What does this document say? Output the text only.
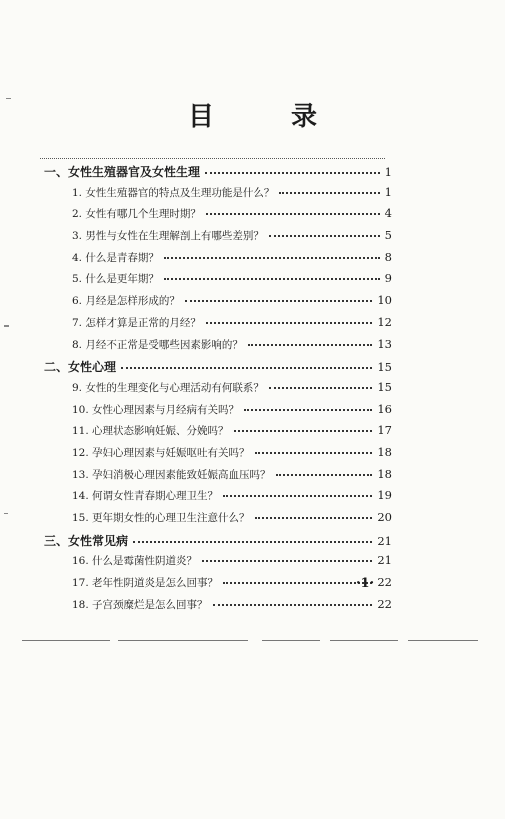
目 录
一、女性生殖器官及女性生理	1
1. 女性生殖器官的特点及生理功能是什么？	1
2. 女性有哪几个生理时期？	4
3. 男性与女性在生理解剖上有哪些差别？	5
4. 什么是青春期？	8
5. 什么是更年期？	9
6. 月经是怎样形成的？	10
7. 怎样才算是正常的月经？	12
8. 月经不正常是受哪些因素影响的？	13
二、女性心理	15
9. 女性的生理变化与心理活动有何联系？	15
10. 女性心理因素与月经病有关吗？	16
11. 心理状态影响妊娠、分娩吗？	17
12. 孕妇心理因素与妊娠呕吐有关吗？	18
13. 孕妇消极心理因素能致妊娠高血压吗？	18
14. 何谓女性青春期心理卫生？	19
15. 更年期女性的心理卫生注意什么？	20
三、女性常见病	21
16. 什么是霉菌性阴道炎？	21
17. 老年性阴道炎是怎么回事？	22
18. 子宫颈糜烂是怎么回事？	22
·1·
